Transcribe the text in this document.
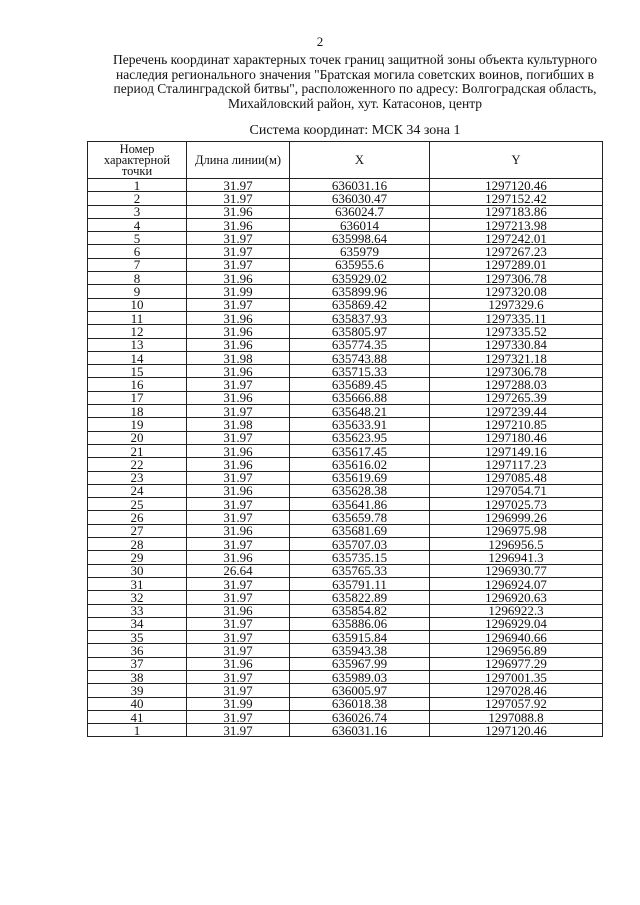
2
Перечень координат характерных точек границ защитной зоны объекта культурного наследия регионального значения "Братская могила советских воинов, погибших в период Сталинградской битвы", расположенного по адресу: Волгоградская область, Михайловский район, хут. Катасонов, центр
Система координат: МСК 34 зона 1
Номер характерной точки	Длина линии(м)	X	Y
1	31.97	636031.16	1297120.46
2	31.97	636030.47	1297152.42
3	31.96	636024.7	1297183.86
4	31.96	636014	1297213.98
5	31.97	635998.64	1297242.01
6	31.97	635979	1297267.23
7	31.97	635955.6	1297289.01
8	31.96	635929.02	1297306.78
9	31.99	635899.96	1297320.08
10	31.97	635869.42	1297329.6
11	31.96	635837.93	1297335.11
12	31.96	635805.97	1297335.52
13	31.96	635774.35	1297330.84
14	31.98	635743.88	1297321.18
15	31.96	635715.33	1297306.78
16	31.97	635689.45	1297288.03
17	31.96	635666.88	1297265.39
18	31.97	635648.21	1297239.44
19	31.98	635633.91	1297210.85
20	31.97	635623.95	1297180.46
21	31.96	635617.45	1297149.16
22	31.96	635616.02	1297117.23
23	31.97	635619.69	1297085.48
24	31.96	635628.38	1297054.71
25	31.97	635641.86	1297025.73
26	31.97	635659.78	1296999.26
27	31.96	635681.69	1296975.98
28	31.97	635707.03	1296956.5
29	31.96	635735.15	1296941.3
30	26.64	635765.33	1296930.77
31	31.97	635791.11	1296924.07
32	31.97	635822.89	1296920.63
33	31.96	635854.82	1296922.3
34	31.97	635886.06	1296929.04
35	31.97	635915.84	1296940.66
36	31.97	635943.38	1296956.89
37	31.96	635967.99	1296977.29
38	31.97	635989.03	1297001.35
39	31.97	636005.97	1297028.46
40	31.99	636018.38	1297057.92
41	31.97	636026.74	1297088.8
1	31.97	636031.16	1297120.46
